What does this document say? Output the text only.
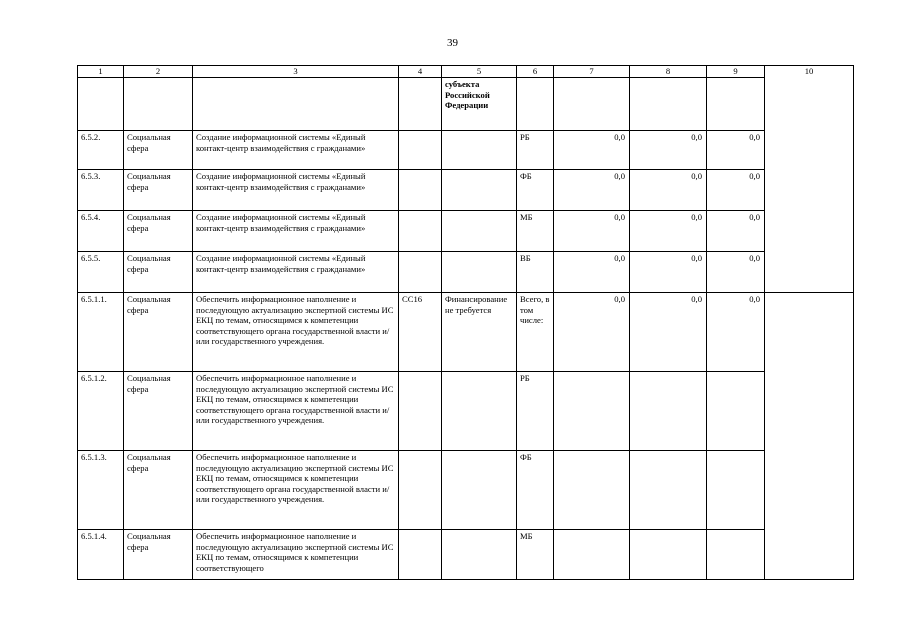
39
1	2	3	4	5	6	7	8	9	10
				субъекта Российской Федерации					
6.5.2.	Социальная сфера	Создание информационной системы «Единый контакт-центр взаимодействия с гражданами»			РБ	0,0	0,0	0,0	
6.5.3.	Социальная сфера	Создание информационной системы «Единый контакт-центр взаимодействия с гражданами»			ФБ	0,0	0,0	0,0	
6.5.4.	Социальная сфера	Создание информационной системы «Единый контакт-центр взаимодействия с гражданами»			МБ	0,0	0,0	0,0	
6.5.5.	Социальная сфера	Создание информационной системы «Единый контакт-центр взаимодействия с гражданами»			ВБ	0,0	0,0	0,0	
6.5.1.1.	Социальная сфера	Обеспечить информационное наполнение и последующую актуализацию экспертной системы ИС ЕКЦ по темам, относящимся к компетенции соответствующего органа государственной власти и/или государственного учреждения.	СС16	Финансирование не требуется	Всего, в том числе:	0,0	0,0	0,0	
6.5.1.2.	Социальная сфера	Обеспечить информационное наполнение и последующую актуализацию экспертной системы ИС ЕКЦ по темам, относящимся к компетенции соответствующего органа государственной власти и/или государственного учреждения.			РБ				
6.5.1.3.	Социальная сфера	Обеспечить информационное наполнение и последующую актуализацию экспертной системы ИС ЕКЦ по темам, относящимся к компетенции соответствующего органа государственной власти и/или государственного учреждения.			ФБ				
6.5.1.4.	Социальная сфера	Обеспечить информационное наполнение и последующую актуализацию экспертной системы ИС ЕКЦ по темам, относящимся к компетенции соответствующего			МБ				
